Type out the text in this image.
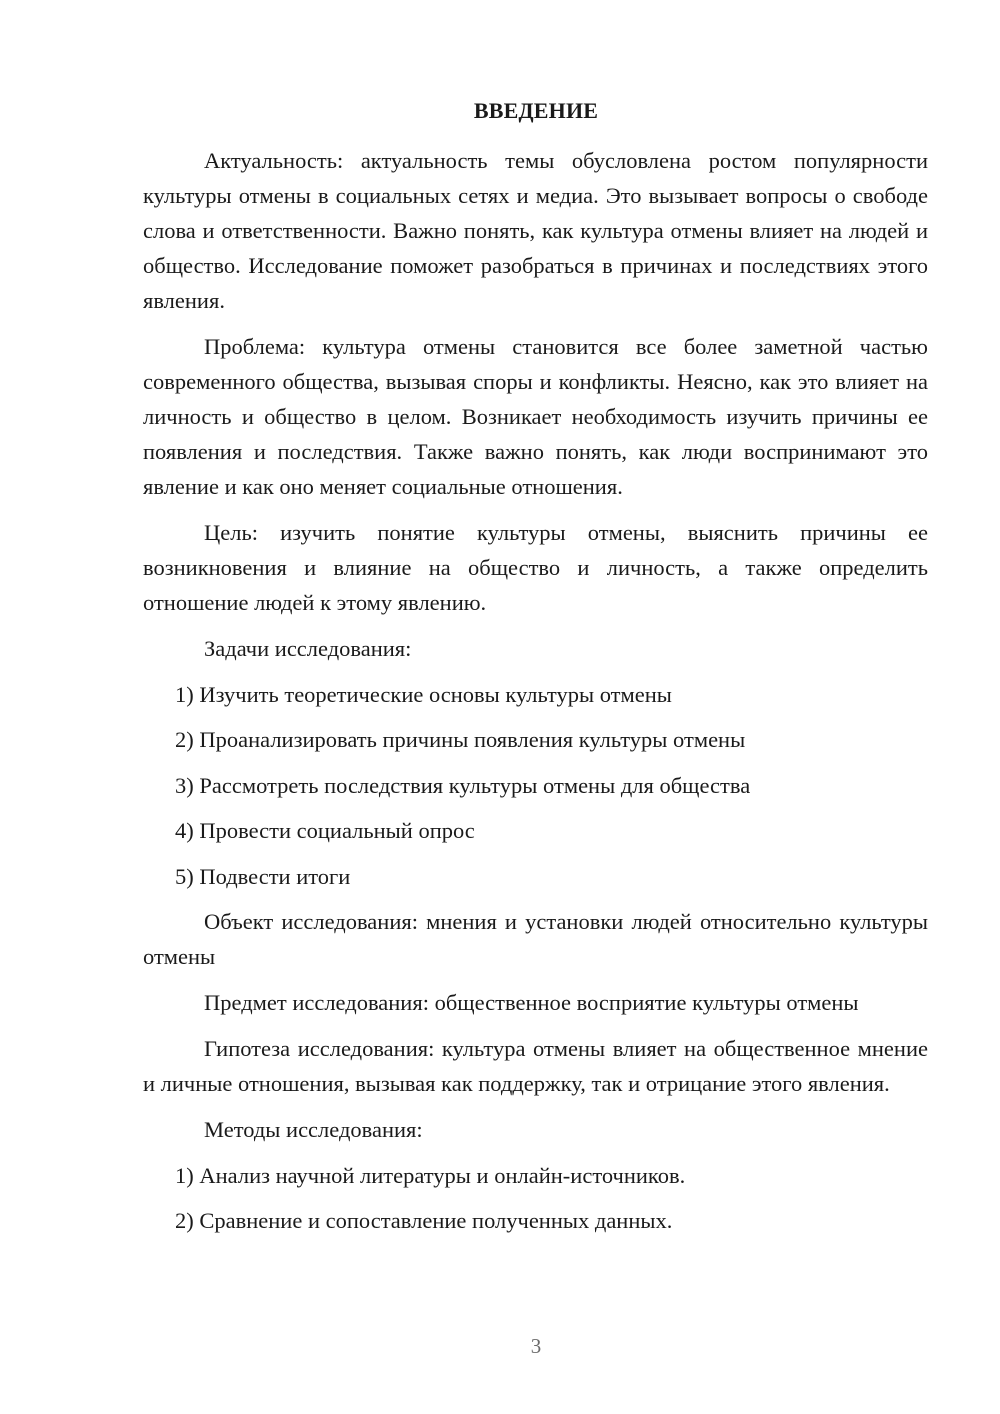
ВВЕДЕНИЕ

Актуальность: актуальность темы обусловлена ростом популярности культуры отмены в социальных сетях и медиа. Это вызывает вопросы о свободе слова и ответственности. Важно понять, как культура отмены влияет на людей и общество. Исследование поможет разобраться в причинах и последствиях этого явления.

Проблема: культура отмены становится все более заметной частью современного общества, вызывая споры и конфликты. Неясно, как это влияет на личность и общество в целом. Возникает необходимость изучить причины ее появления и последствия. Также важно понять, как люди воспринимают это явление и как оно меняет социальные отношения.

Цель: изучить понятие культуры отмены, выяснить причины ее возникновения и влияние на общество и личность, а также определить отношение людей к этому явлению.

Задачи исследования:

1) Изучить теоретические основы культуры отмены

2) Проанализировать причины появления культуры отмены

3) Рассмотреть последствия культуры отмены для общества

4) Провести социальный опрос

5) Подвести итоги

Объект исследования: мнения и установки людей относительно культуры отмены

Предмет исследования: общественное восприятие культуры отмены

Гипотеза исследования: культура отмены влияет на общественное мнение и личные отношения, вызывая как поддержку, так и отрицание этого явления.

Методы исследования:

1) Анализ научной литературы и онлайн-источников.

2) Сравнение и сопоставление полученных данных.

3
